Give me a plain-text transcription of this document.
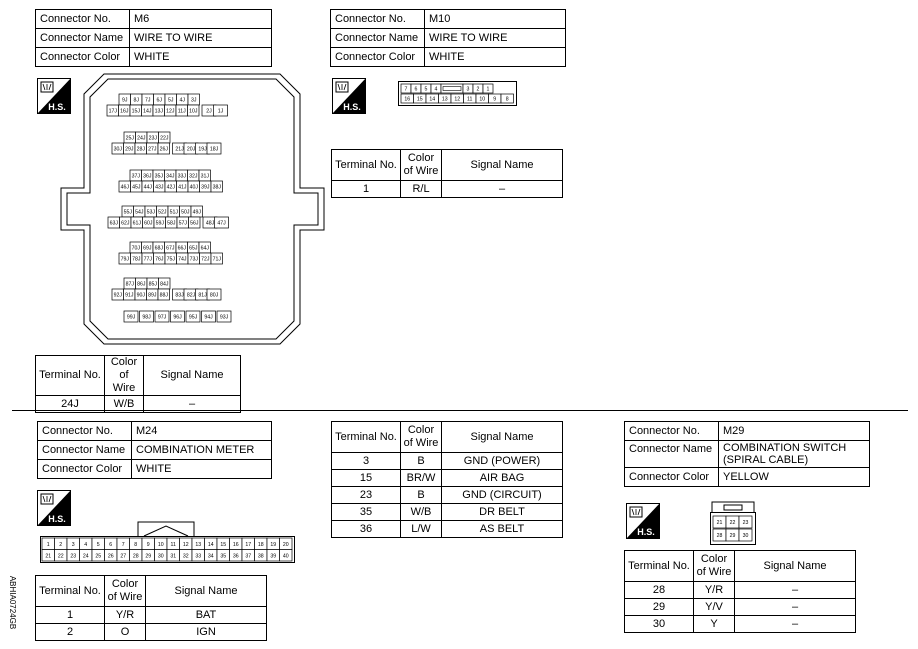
Connector No.	M6
Connector Name	WIRE TO WIRE
Connector Color	WHITE
H.S.
9J 8J 7J 6J 5J 4J 3J
17J 16J 15J 14J 13J 12J 11J 10J 2J 1J
25J 24J 23J 22J
30J 29J 28J 27J 26J 21J 20J 19J 18J
37J 36J 35J 34J 33J 32J 31J
46J 45J 44J 43J 42J 41J 40J 39J 38J
55J 54J 53J 52J 51J 50J 49J
63J 62J 61J 60J 59J 58J 57J 56J 48J 47J
70J 69J 68J 67J 66J 65J 64J
79J 78J 77J 76J 75J 74J 73J 72J 71J
87J 86J 85J 84J
92J 91J 90J 89J 88J 83J 82J 81J 80J
99J 98J 97J 96J 95J 94J 93J
Terminal No.	Color of Wire	Signal Name
24J	W/B	–
Connector No.	M10
Connector Name	WIRE TO WIRE
Connector Color	WHITE
H.S.
7 6 5 4	3 2 1
16 15 14 13 12 11 10 9 8
Terminal No.	Color of Wire	Signal Name
1	R/L	–
Connector No.	M24
Connector Name	COMBINATION METER
Connector Color	WHITE
H.S.
1 2 3 4 5 6 7 8 9 10 11 12 13 14 15 16 17 18 19 20
21 22 23 24 25 26 27 28 29 30 31 32 33 34 35 36 37 38 39 40
Terminal No.	Color of Wire	Signal Name
1	Y/R	BAT
2	O	IGN
ABHIA0724GB
Terminal No.	Color of Wire	Signal Name
3	B	GND (POWER)
15	BR/W	AIR BAG
23	B	GND (CIRCUIT)
35	W/B	DR BELT
36	L/W	AS BELT
Connector No.	M29
Connector Name	COMBINATION SWITCH (SPIRAL CABLE)
Connector Color	YELLOW
H.S.
21 22 23
28 29 30
Terminal No.	Color of Wire	Signal Name
28	Y/R	–
29	Y/V	–
30	Y	–
